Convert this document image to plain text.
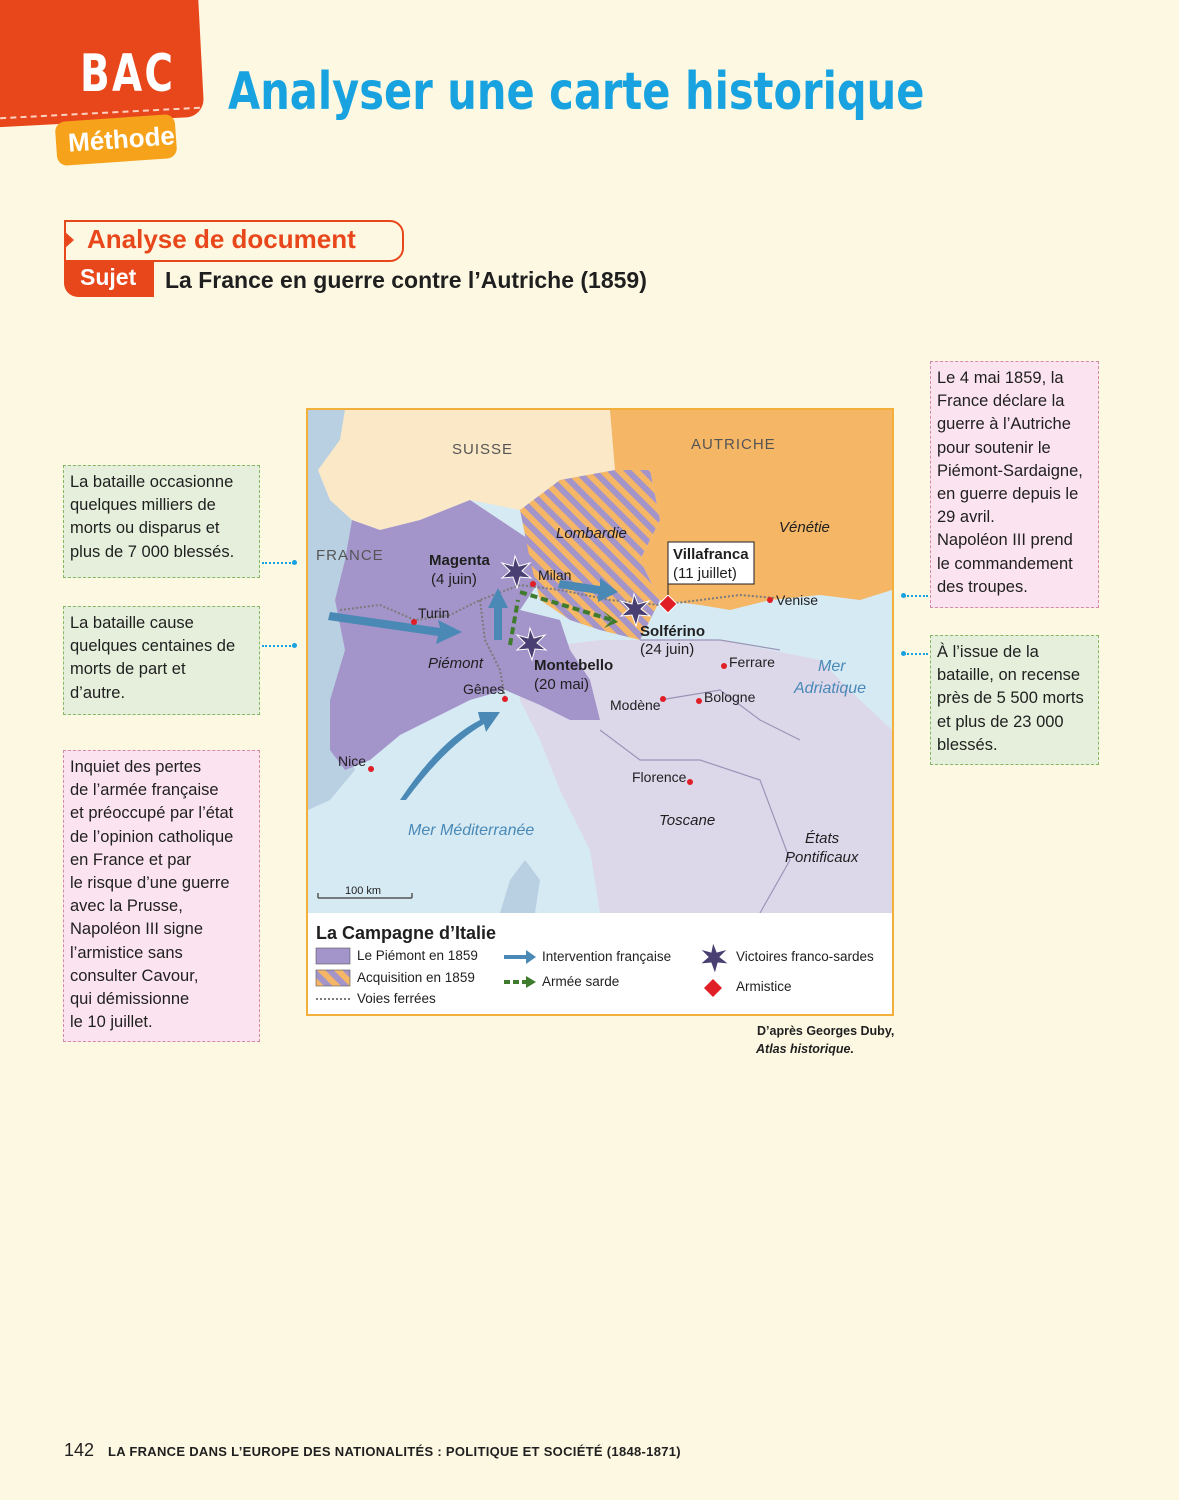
BAC
Méthode
Analyser une carte historique
Analyse de document
Sujet La France en guerre contre l’Autriche (1859)
La bataille occasionne
quelques milliers de
morts ou disparus et
plus de 7 000 blessés.
La bataille cause
quelques centaines de
morts de part et
d’autre.
Inquiet des pertes
de l’armée française
et préoccupé par l’état
de l’opinion catholique
en France et par
le risque d’une guerre
avec la Prusse,
Napoléon III signe
l’armistice sans
consulter Cavour,
qui démissionne
le 10 juillet.
Le 4 mai 1859, la
France déclare la
guerre à l’Autriche
pour soutenir le
Piémont-Sardaigne,
en guerre depuis le
29 avril.
Napoléon III prend
le commandement
des troupes.
À l’issue de la
bataille, on recense
près de 5 500 morts
et plus de 23 000
blessés.
SUISSE	AUTRICHE
FRANCE
Lombardie	Vénétie
Piémont
Toscane
États
Pontificaux
Mer
Adriatique
Mer Méditerranée
Turin
Milan
Gênes
Nice
Venise
Ferrare
Bologne
Modène
Florence
Magenta
(4 juin)
Montebello
(20 mai)
Solférino
(24 juin)
Villafranca
(11 juillet)
100 km
La Campagne d’Italie
Le Piémont en 1859
Acquisition en 1859
Voies ferrées
Intervention française
Armée sarde
Victoires franco-sardes
Armistice
D’après Georges Duby,
Atlas historique.
142 LA FRANCE DANS L’EUROPE DES NATIONALITÉS : POLITIQUE ET SOCIÉTÉ (1848-1871)
